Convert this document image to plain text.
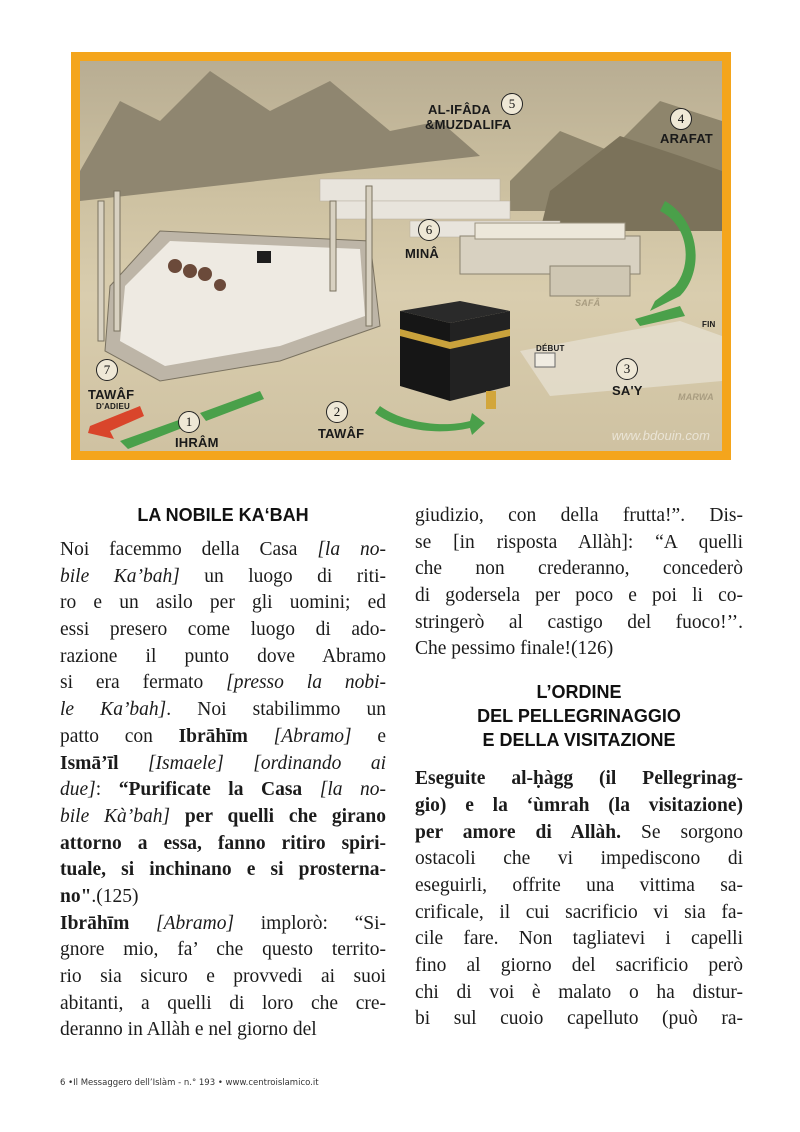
AL-IFÂDA
&MUZDALIFA
ARAFAT
MINÂ
TAWÂF
D'ADIEU
IHRÂM
TAWÂF
SA'Y
SAFÂ
MARWA
DÉBUT
FIN
1
2
3
4
5
6
7
www.bdouin.com
LA NOBILE KA‘BAH
Noi facemmo della Casa [la no-
bile Ka’bah] un luogo di riti-
ro e un asilo per gli uomini; ed
essi presero come luogo di ado-
razione il punto dove Abramo
si era fermato [presso la nobi-
le Ka’bah]. Noi stabilimmo un
patto con Ibrāhīm [Abramo] e
Ismā’īl [Ismaele] [ordinando ai
due]: “Purificate la Casa [la no-
bile Kà’bah] per quelli che girano
attorno a essa, fanno ritiro spiri-
tuale, si inchinano e si prosterna-
no".(125)
Ibrāhīm [Abramo] implorò: “Si-
gnore mio, fa’ che questo territo-
rio sia sicuro e provvedi ai suoi
abitanti, a quelli di loro che cre-
deranno in Allàh e nel giorno del
giudizio, con della frutta!”. Dis-
se [in risposta Allàh]: “A quelli
che non crederanno, concederò
di godersela per poco e poi li co-
stringerò al castigo del fuoco!’’.
Che pessimo finale!(126)
L’ORDINE
DEL PELLEGRINAGGIO
E DELLA VISITAZIONE
Eseguite al-ḥàgg (il Pellegrinag-
gio) e la ‘ùmrah (la visitazione)
per amore di Allàh. Se sorgono
ostacoli che vi impediscono di
eseguirli, offrite una vittima sa-
crificale, il cui sacrificio vi sia fa-
cile fare. Non tagliatevi i capelli
fino al giorno del sacrificio però
chi di voi è malato o ha distur-
bi sul cuoio capelluto (può ra-
6 •Il Messaggero dell’Islàm - n.° 193 • www.centroislamico.it
